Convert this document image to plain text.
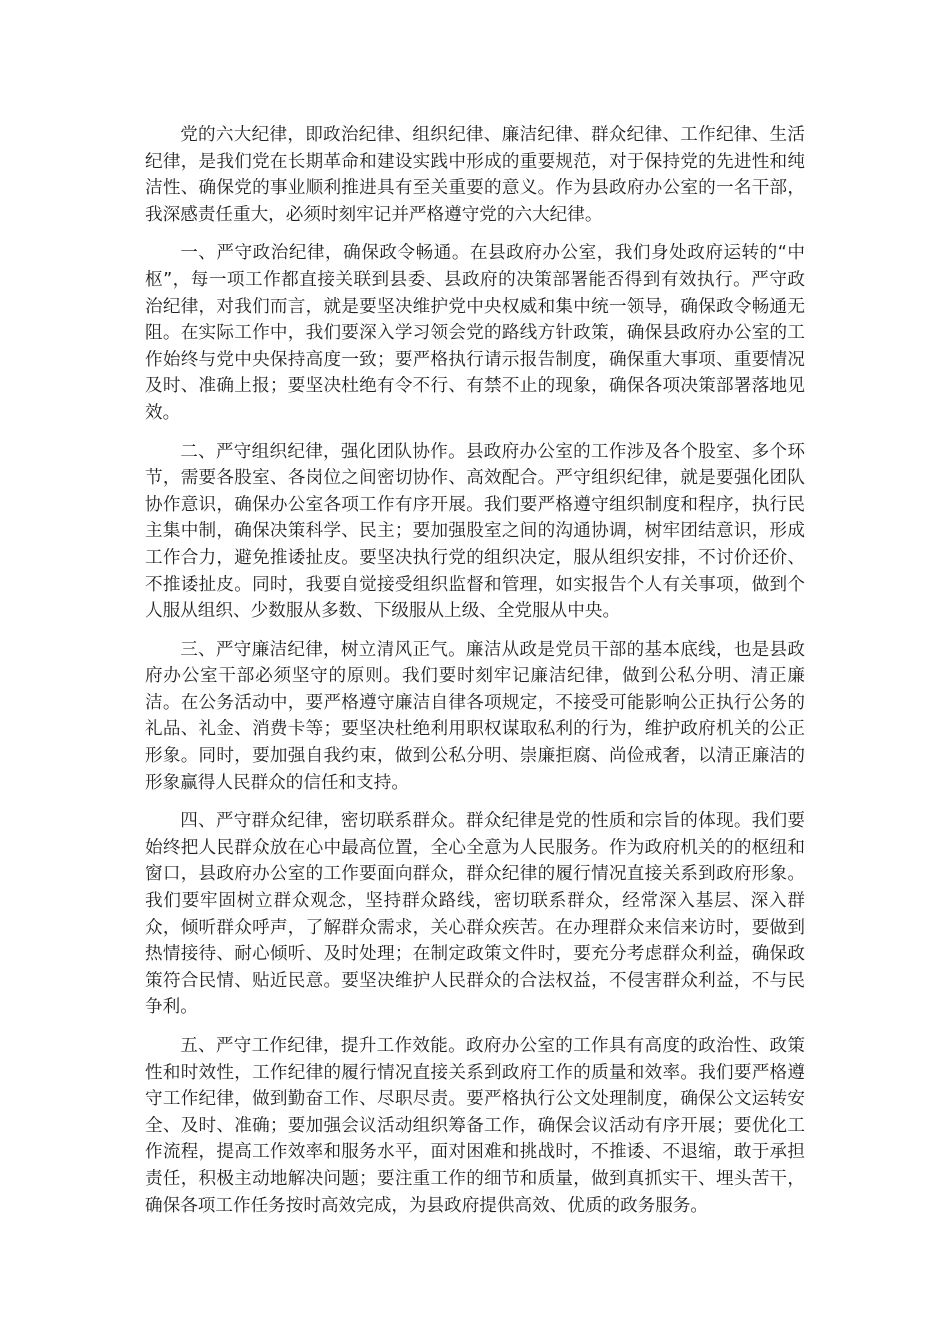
党的六大纪律，即政治纪律、组织纪律、廉洁纪律、群众纪律、工作纪律、生活纪律，是我们党在长期革命和建设实践中形成的重要规范，对于保持党的先进性和纯洁性、确保党的事业顺利推进具有至关重要的意义。作为县政府办公室的一名干部，我深感责任重大，必须时刻牢记并严格遵守党的六大纪律。

一、严守政治纪律，确保政令畅通。在县政府办公室，我们身处政府运转的“中枢”，每一项工作都直接关联到县委、县政府的决策部署能否得到有效执行。严守政治纪律，对我们而言，就是要坚决维护党中央权威和集中统一领导，确保政令畅通无阻。在实际工作中，我们要深入学习领会党的路线方针政策，确保县政府办公室的工作始终与党中央保持高度一致；要严格执行请示报告制度，确保重大事项、重要情况及时、准确上报；要坚决杜绝有令不行、有禁不止的现象，确保各项决策部署落地见效。

二、严守组织纪律，强化团队协作。县政府办公室的工作涉及各个股室、多个环节，需要各股室、各岗位之间密切协作、高效配合。严守组织纪律，就是要强化团队协作意识，确保办公室各项工作有序开展。我们要严格遵守组织制度和程序，执行民主集中制，确保决策科学、民主；要加强股室之间的沟通协调，树牢团结意识，形成工作合力，避免推诿扯皮。要坚决执行党的组织决定，服从组织安排，不讨价还价、不推诿扯皮。同时，我要自觉接受组织监督和管理，如实报告个人有关事项，做到个人服从组织、少数服从多数、下级服从上级、全党服从中央。

三、严守廉洁纪律，树立清风正气。廉洁从政是党员干部的基本底线，也是县政府办公室干部必须坚守的原则。我们要时刻牢记廉洁纪律，做到公私分明、清正廉洁。在公务活动中，要严格遵守廉洁自律各项规定，不接受可能影响公正执行公务的礼品、礼金、消费卡等；要坚决杜绝利用职权谋取私利的行为，维护政府机关的公正形象。同时，要加强自我约束，做到公私分明、崇廉拒腐、尚俭戒奢，以清正廉洁的形象赢得人民群众的信任和支持。

四、严守群众纪律，密切联系群众。群众纪律是党的性质和宗旨的体现。我们要始终把人民群众放在心中最高位置，全心全意为人民服务。作为政府机关的的枢纽和窗口，县政府办公室的工作要面向群众，群众纪律的履行情况直接关系到政府形象。我们要牢固树立群众观念，坚持群众路线，密切联系群众，经常深入基层、深入群众，倾听群众呼声，了解群众需求，关心群众疾苦。在办理群众来信来访时，要做到热情接待、耐心倾听、及时处理；在制定政策文件时，要充分考虑群众利益，确保政策符合民情、贴近民意。要坚决维护人民群众的合法权益，不侵害群众利益，不与民争利。

五、严守工作纪律，提升工作效能。政府办公室的工作具有高度的政治性、政策性和时效性，工作纪律的履行情况直接关系到政府工作的质量和效率。我们要严格遵守工作纪律，做到勤奋工作、尽职尽责。要严格执行公文处理制度，确保公文运转安全、及时、准确；要加强会议活动组织筹备工作，确保会议活动有序开展；要优化工作流程，提高工作效率和服务水平，面对困难和挑战时，不推诿、不退缩，敢于承担责任，积极主动地解决问题；要注重工作的细节和质量，做到真抓实干、埋头苦干，确保各项工作任务按时高效完成，为县政府提供高效、优质的政务服务。
